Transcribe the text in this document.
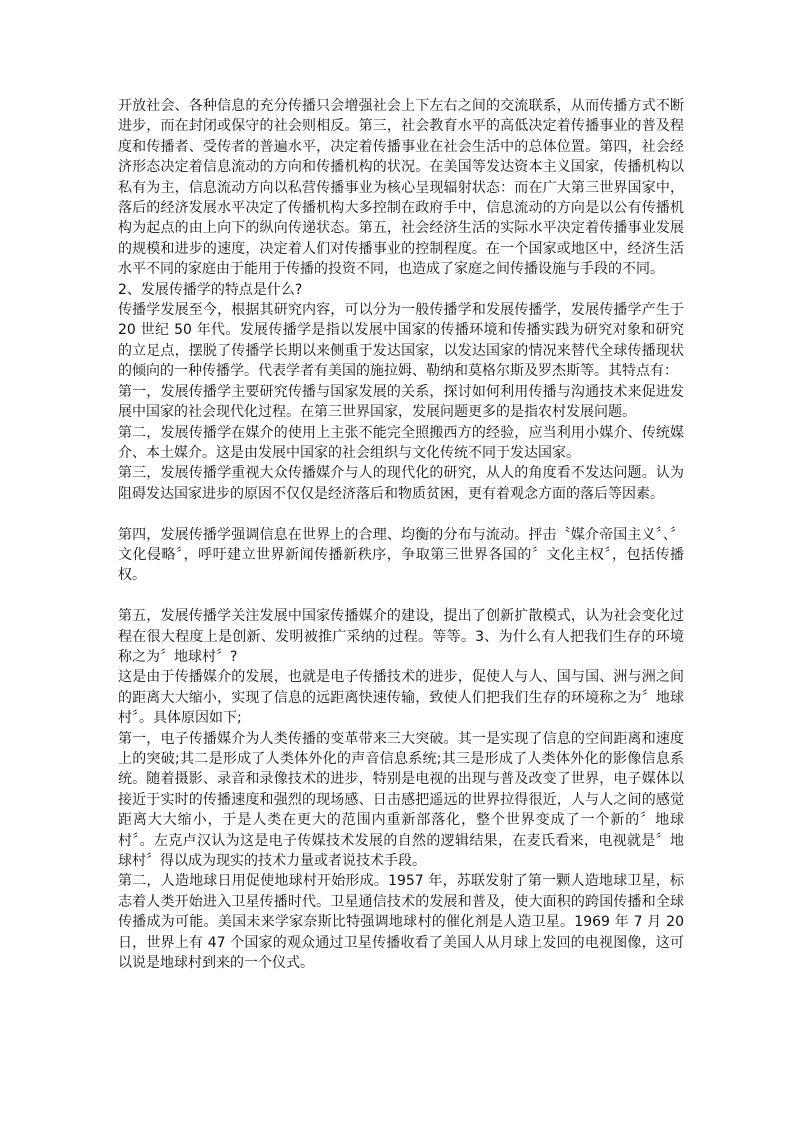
开放社会、各种信息的充分传播只会增强社会上下左右之间的交流联系，从而传播方式不断进步，而在封闭或保守的社会则相反。第三，社会教育水平的高低决定着传播事业的普及程度和传播者、受传者的普遍水平，决定着传播事业在社会生活中的总体位置。第四，社会经济形态决定着信息流动的方向和传播机构的状况。在美国等发达资本主义国家，传播机构以私有为主，信息流动方向以私营传播事业为核心呈现辐射状态：而在广大第三世界国家中，落后的经济发展水平决定了传播机构大多控制在政府手中，信息流动的方向是以公有传播机构为起点的由上向下的纵向传递状态。第五，社会经济生活的实际水平决定着传播事业发展的规模和进步的速度，决定着人们对传播事业的控制程度。在一个国家或地区中，经济生活水平不同的家庭由于能用于传播的投资不同，也造成了家庭之间传播设施与手段的不同。

2、发展传播学的特点是什么?

传播学发展至今，根据其研究内容，可以分为一般传播学和发展传播学，发展传播学产生于 20 世纪 50 年代。发展传播学是指以发展中国家的传播环境和传播实践为研究对象和研究的立足点，摆脱了传播学长期以来侧重于发达国家，以发达国家的情况来替代全球传播现状的倾向的一种传播学。代表学者有美国的施拉姆、勒纳和莫格尔斯及罗杰斯等。其特点有：

第一，发展传播学主要研究传播与国家发展的关系，探讨如何利用传播与沟通技术来促进发展中国家的社会现代化过程。在第三世界国家，发展问题更多的是指农村发展问题。

第二，发展传播学在媒介的使用上主张不能完全照搬西方的经验，应当利用小媒介、传统媒介、本土媒介。这是由发展中国家的社会组织与文化传统不同于发达国家。

第三，发展传播学重视大众传播媒介与人的现代化的研究，从人的角度看不发达问题。认为阻碍发达国家进步的原因不仅仅是经济落后和物质贫困，更有着观念方面的落后等因素。

第四，发展传播学强调信息在世界上的合理、均衡的分布与流动。抨击〝媒介帝国主义〞、〞文化侵略〞，呼吁建立世界新闻传播新秩序，争取第三世界各国的〞文化主权〞，包括传播权。

第五，发展传播学关注发展中国家传播媒介的建设，提出了创新扩散模式，认为社会变化过程在很大程度上是创新、发明被推广采纳的过程。等等。3、为什么有人把我们生存的环境称之为〞地球村〞?

这是由于传播媒介的发展，也就是电子传播技术的进步，促使人与人、国与国、洲与洲之间的距离大大缩小，实现了信息的远距离快速传输，致使人们把我们生存的环境称之为〞地球村〞。具体原因如下;

第一，电子传播媒介为人类传播的变革带来三大突破。其一是实现了信息的空间距离和速度上的突破;其二是形成了人类体外化的声音信息系统;其三是形成了人类体外化的影像信息系统。随着摄影、录音和录像技术的进步，特别是电视的出现与普及改变了世界，电子媒体以接近于实时的传播速度和强烈的现场感、日击感把遥远的世界拉得很近，人与人之间的感觉距离大大缩小，于是人类在更大的范围内重新部落化，整个世界变成了一个新的〞地球村〞。左克卢汉认为这是电子传媒技术发展的自然的逻辑结果，在麦氏看来，电视就是〞地球村〞得以成为现实的技术力量或者说技术手段。

第二，人造地球日用促使地球村开始形成。1957 年，苏联发射了第一颗人造地球卫星，标志着人类开始进入卫星传播时代。卫星通信技术的发展和普及，使大面积的跨国传播和全球传播成为可能。美国未来学家奈斯比特强调地球村的催化剂是人造卫星。1969 年 7 月 20 日，世界上有 47 个国家的观众通过卫星传播收看了美国人从月球上发回的电视图像，这可以说是地球村到来的一个仪式。
